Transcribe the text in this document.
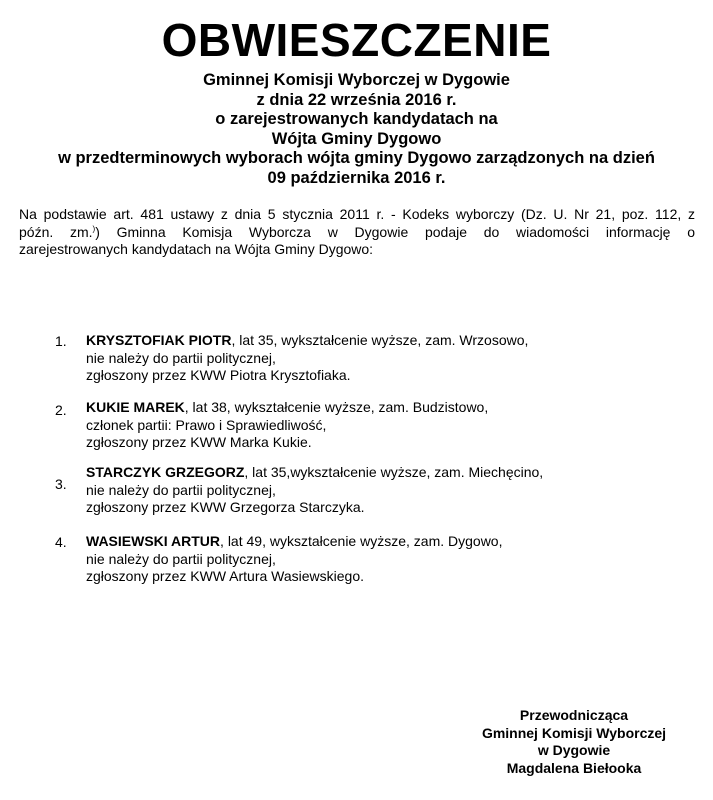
OBWIESZCZENIE
Gminnej Komisji Wyborczej w Dygowie
z dnia 22 września 2016 r.
o zarejestrowanych kandydatach na
Wójta Gminy Dygowo
w przedterminowych wyborach wójta gminy Dygowo zarządzonych na dzień
09 października 2016 r.
Na podstawie art. 481 ustawy z dnia 5 stycznia 2011 r. - Kodeks wyborczy (Dz. U. Nr 21, poz. 112, z
późn. zm.)) Gminna Komisja Wyborcza w Dygowie podaje do wiadomości informację o
zarejestrowanych kandydatach na Wójta Gminy Dygowo:
1. KRYSZTOFIAK PIOTR, lat 35, wykształcenie wyższe, zam. Wrzosowo,
nie należy do partii politycznej,
zgłoszony przez KWW Piotra Krysztofiaka.
2. KUKIE MAREK, lat 38, wykształcenie wyższe, zam. Budzistowo,
członek partii: Prawo i Sprawiedliwość,
zgłoszony przez KWW Marka Kukie.
3.
STARCZYK GRZEGORZ, lat 35,wykształcenie wyższe, zam. Miechęcino,
nie należy do partii politycznej,
zgłoszony przez KWW Grzegorza Starczyka.
4. WASIEWSKI ARTUR, lat 49, wykształcenie wyższe, zam. Dygowo,
nie należy do partii politycznej,
zgłoszony przez KWW Artura Wasiewskiego.
Przewodnicząca
Gminnej Komisji Wyborczej
w Dygowie
Magdalena Biełooka
